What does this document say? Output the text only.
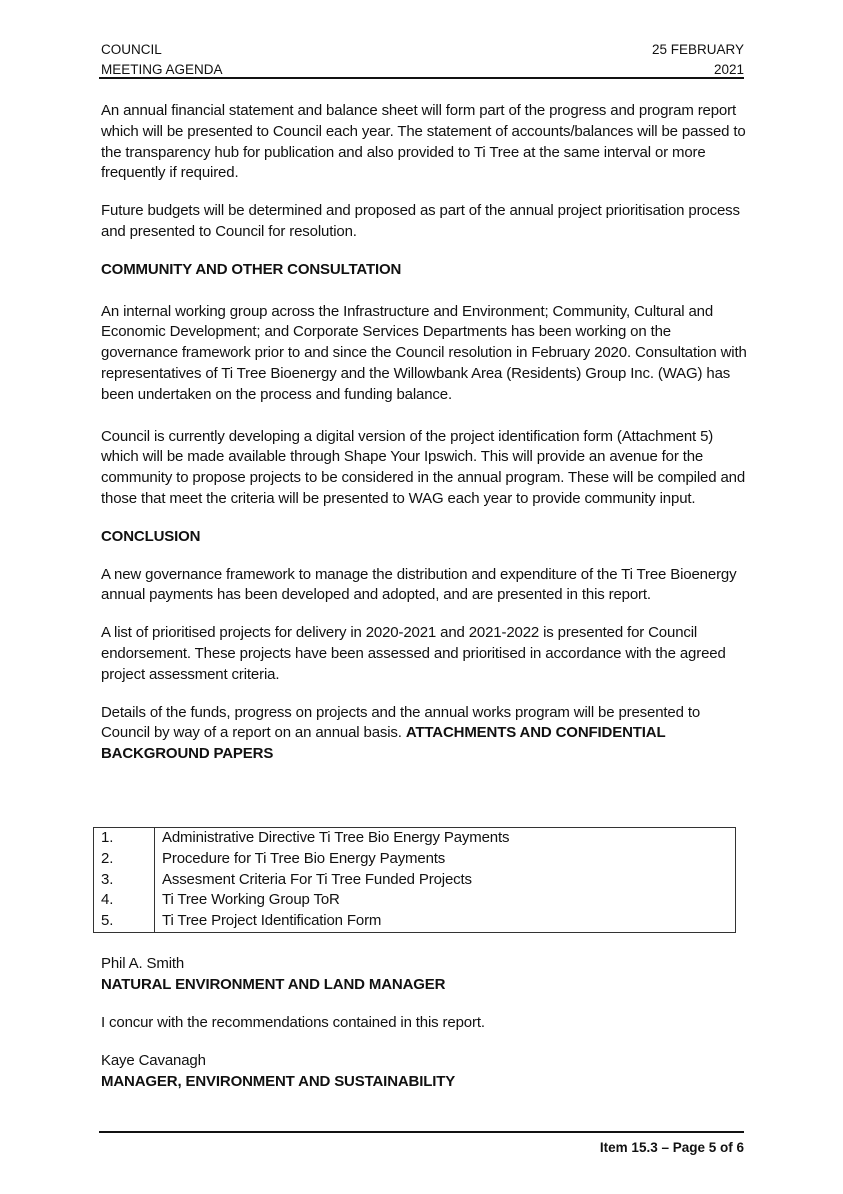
COUNCIL
MEETING AGENDA
25 FEBRUARY
2021

An annual financial statement and balance sheet will form part of the progress and program report which will be presented to Council each year. The statement of accounts/balances will be passed to the transparency hub for publication and also provided to Ti Tree at the same interval or more frequently if required.

Future budgets will be determined and proposed as part of the annual project prioritisation process and presented to Council for resolution.

COMMUNITY AND OTHER CONSULTATION

An internal working group across the Infrastructure and Environment; Community, Cultural and Economic Development; and Corporate Services Departments has been working on the governance framework prior to and since the Council resolution in February 2020. Consultation with representatives of Ti Tree Bioenergy and the Willowbank Area (Residents) Group Inc. (WAG) has been undertaken on the process and funding balance.

Council is currently developing a digital version of the project identification form (Attachment 5) which will be made available through Shape Your Ipswich. This will provide an avenue for the community to propose projects to be considered in the annual program. These will be compiled and those that meet the criteria will be presented to WAG each year to provide community input.

CONCLUSION

A new governance framework to manage the distribution and expenditure of the Ti Tree Bioenergy annual payments has been developed and adopted, and are presented in this report.

A list of prioritised projects for delivery in 2020-2021 and 2021-2022 is presented for Council endorsement. These projects have been assessed and prioritised in accordance with the agreed project assessment criteria.

Details of the funds, progress on projects and the annual works program will be presented to Council by way of a report on an annual basis. ATTACHMENTS AND CONFIDENTIAL BACKGROUND PAPERS

1.	Administrative Directive Ti Tree Bio Energy Payments
2.	Procedure for Ti Tree Bio Energy Payments
3.	Assesment Criteria For Ti Tree Funded Projects
4.	Ti Tree Working Group ToR
5.	Ti Tree Project Identification Form
Phil A. Smith
NATURAL ENVIRONMENT AND LAND MANAGER
I concur with the recommendations contained in this report.
Kaye Cavanagh
MANAGER, ENVIRONMENT AND SUSTAINABILITY
Item 15.3 – Page 5 of 6
